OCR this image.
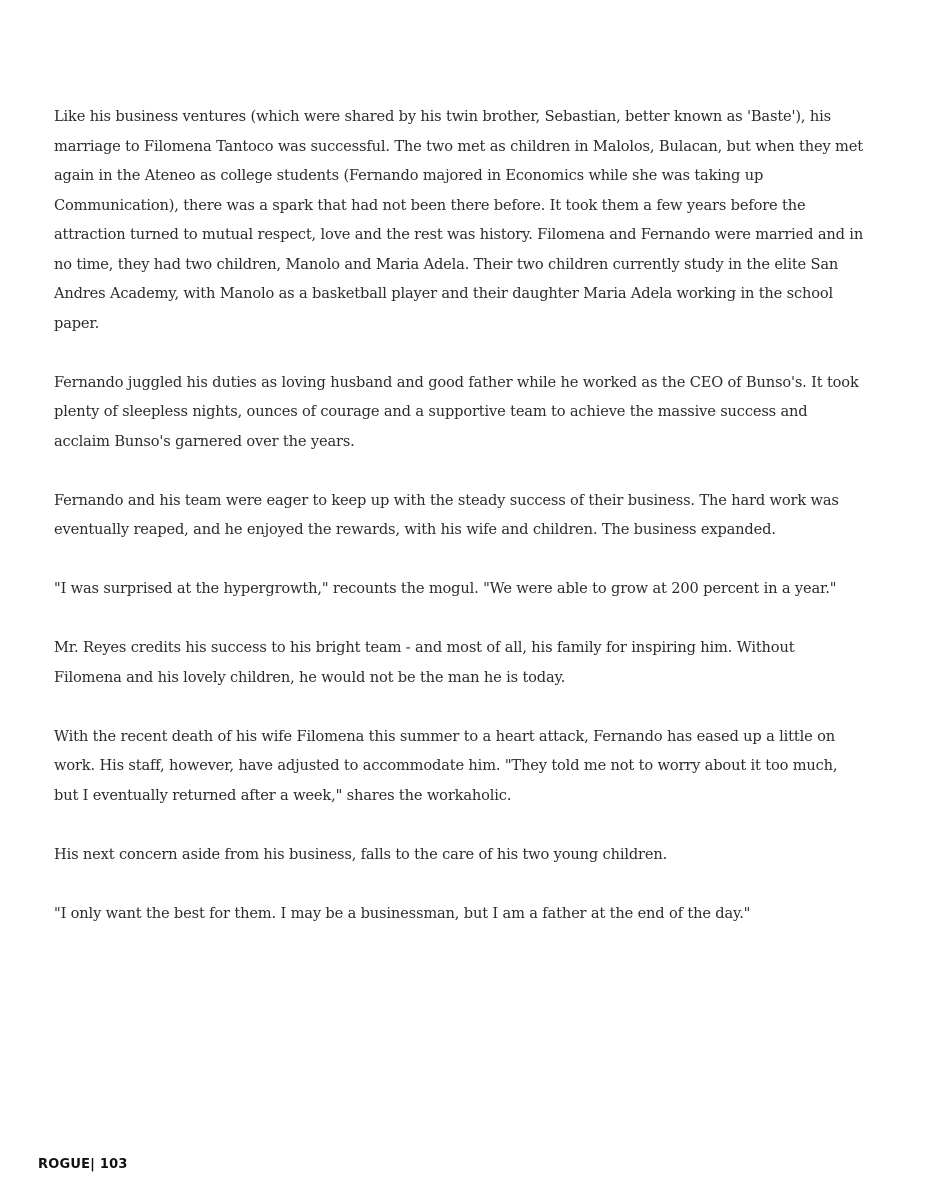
Like his business ventures (which were shared by his twin brother, Sebastian, better known as 'Baste'), his marriage to Filomena Tantoco was successful. The two met as children in Malolos, Bulacan, but when they met again in the Ateneo as college students (Fernando majored in Economics while she was taking up Communication), there was a spark that had not been there before. It took them a few years before the attraction turned to mutual respect, love and the rest was history. Filomena and Fernando were married and in no time, they had two children, Manolo and Maria Adela. Their two children currently study in the elite San Andres Academy, with Manolo as a basketball player and their daughter Maria Adela working in the school paper.

Fernando juggled his duties as loving husband and good father while he worked as the CEO of Bunso's. It took plenty of sleepless nights, ounces of courage and a supportive team to achieve the massive success and acclaim Bunso's garnered over the years.

Fernando and his team were eager to keep up with the steady success of their business. The hard work was eventually reaped, and he enjoyed the rewards, with his wife and children. The business expanded.

"I was surprised at the hypergrowth," recounts the mogul. "We were able to grow at 200 percent in a year."

Mr. Reyes credits his success to his bright team - and most of all, his family for inspiring him. Without Filomena and his lovely children, he would not be the man he is today.

With the recent death of his wife Filomena this summer to a heart attack, Fernando has eased up a little on work. His staff, however, have adjusted to accommodate him. "They told me not to worry about it too much, but I eventually returned after a week," shares the workaholic.

His next concern aside from his business, falls to the care of his two young children.

"I only want the best for them. I may be a businessman, but I am a father at the end of the day."

ROGUE| 103
